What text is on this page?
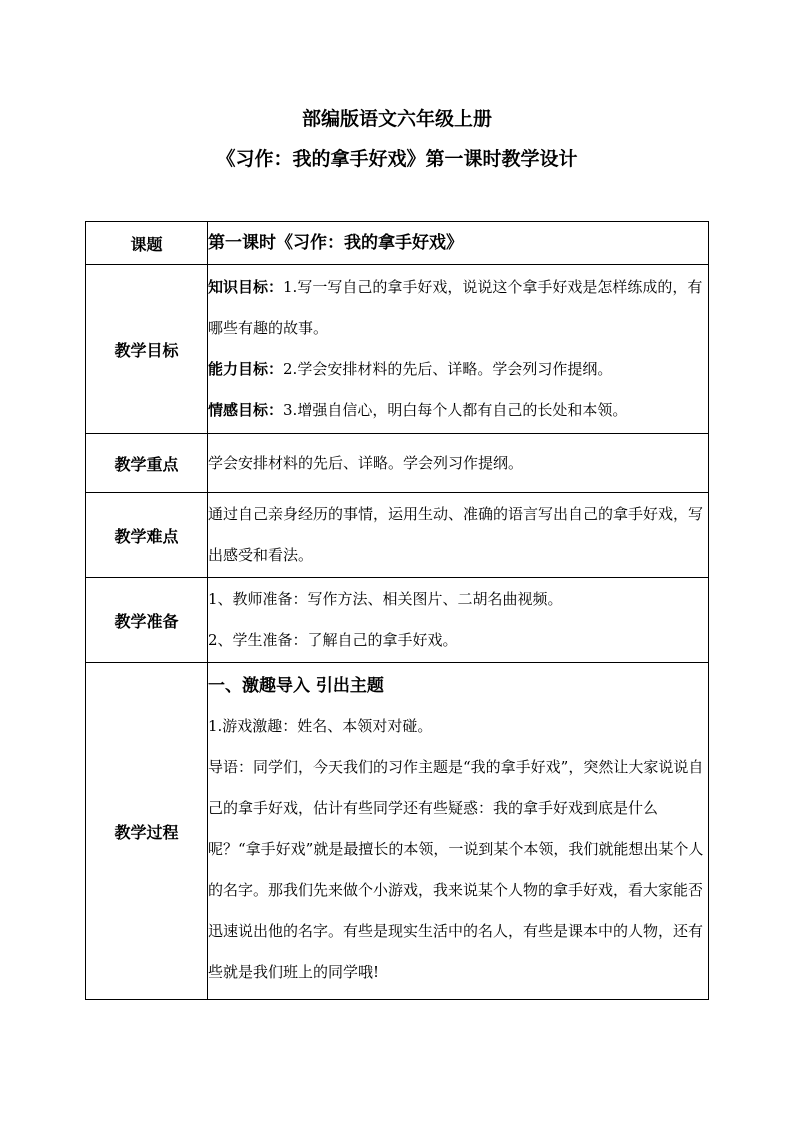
部编版语文六年级上册
《习作：我的拿手好戏》第一课时教学设计
课题	第一课时《习作：我的拿手好戏》
教学目标	知识目标：1.写一写自己的拿手好戏，说说这个拿手好戏是怎样练成的，有哪些有趣的故事。

能力目标：2.学会安排材料的先后、详略。学会列习作提纲。

情感目标：3.增强自信心，明白每个人都有自己的长处和本领。

教学重点	学会安排材料的先后、详略。学会列习作提纲。
教学难点	通过自己亲身经历的事情，运用生动、准确的语言写出自己的拿手好戏，写出感受和看法。
教学准备	1、教师准备：写作方法、相关图片、二胡名曲视频。

2、学生准备：了解自己的拿手好戏。

教学过程	一、激趣导入 引出主题

1.游戏激趣：姓名、本领对对碰。

导语：同学们，今天我们的习作主题是“我的拿手好戏”，突然让大家说说自己的拿手好戏，估计有些同学还有些疑惑：我的拿手好戏到底是什么呢？“拿手好戏”就是最擅长的本领，一说到某个本领，我们就能想出某个人的名字。那我们先来做个小游戏，我来说某个人物的拿手好戏，看大家能否迅速说出他的名字。有些是现实生活中的名人，有些是课本中的人物，还有些就是我们班上的同学哦!
